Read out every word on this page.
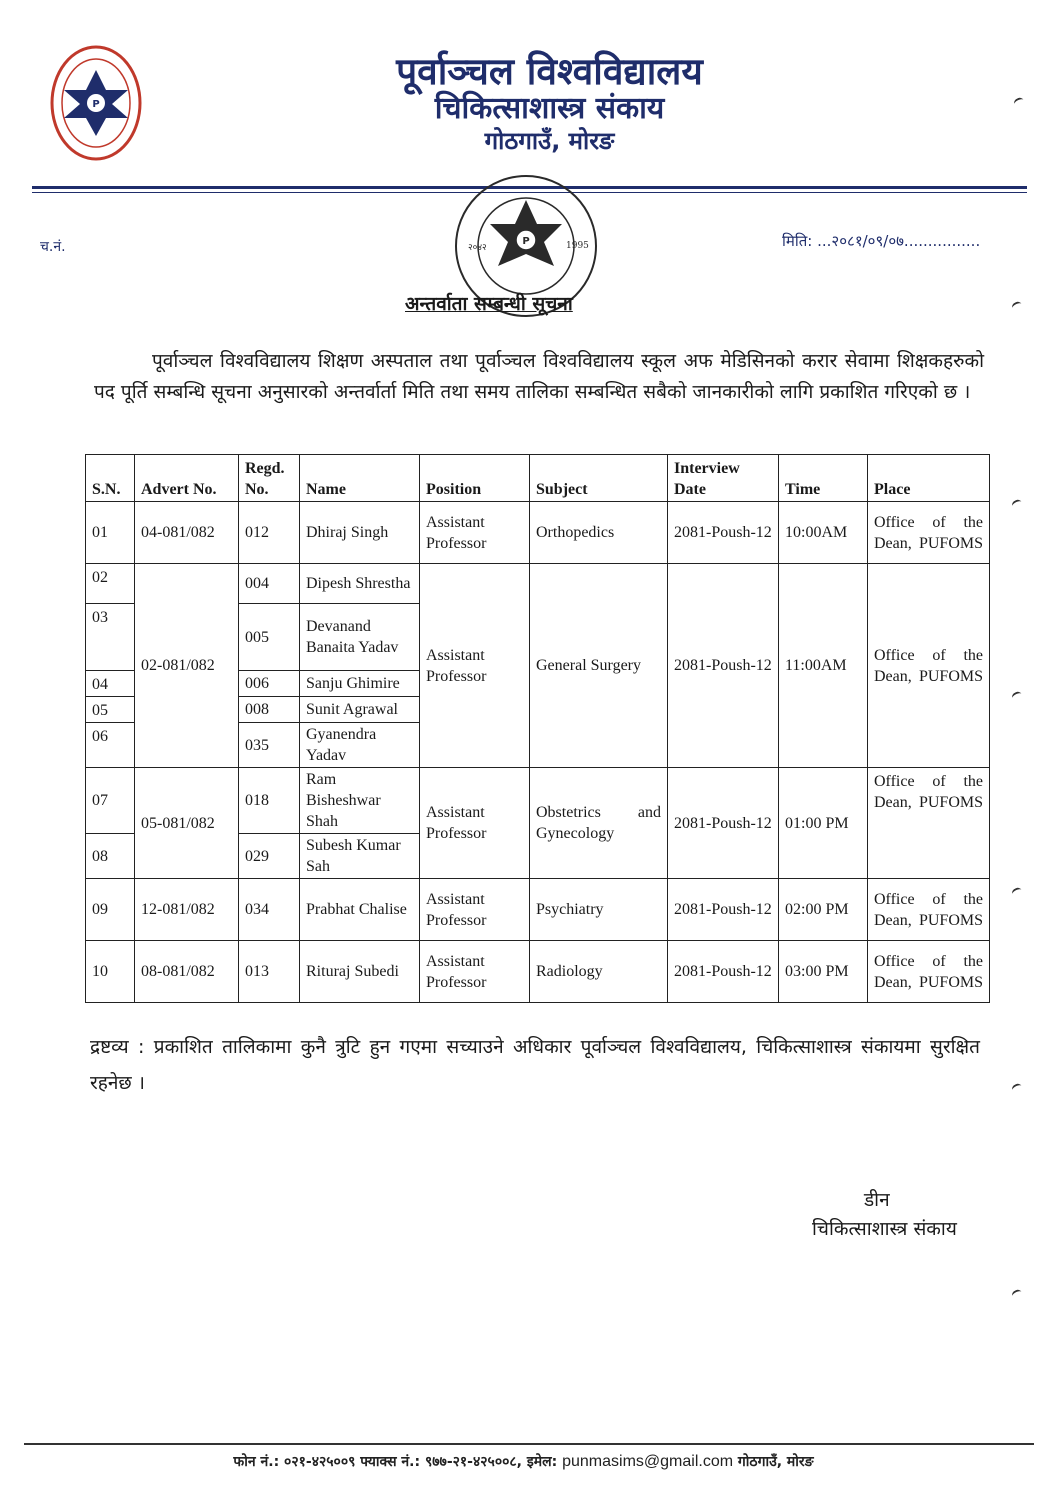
P
पूर्वाञ्चल विश्वविद्यालय
चिकित्साशास्त्र संकाय
गोठगाउँ, मोरङ
P
२०४२	1995
च.नं.	मिति: ...२०८१/०९/०७................
अन्तर्वाता सम्बन्धी सूचना
पूर्वाञ्चल विश्वविद्यालय शिक्षण अस्पताल तथा पूर्वाञ्चल विश्वविद्यालय स्कूल अफ मेडिसिनको करार सेवामा शिक्षकहरुको पद पूर्ति सम्बन्धि सूचना अनुसारको अन्तर्वार्ता मिति तथा समय तालिका सम्बन्धित सबैको जानकारीको लागि प्रकाशित गरिएको छ ।
S.N.	Advert No.	Regd. No.	Name	Position	Subject	Interview Date	Time	Place
01	04-081/082	012	Dhiraj Singh	Assistant Professor	Orthopedics	2081-Poush-12	10:00AM	Office of the Dean, PUFOMS
02	02-081/082	004	Dipesh Shrestha	Assistant Professor	General Surgery	2081-Poush-12	11:00AM	Office of the Dean, PUFOMS
03		005	Devanand Banaita Yadav					
04		006	Sanju Ghimire					
05		008	Sunit Agrawal					
06		035	Gyanendra Yadav					
07	05-081/082	018	Ram Bisheshwar Shah	Assistant Professor	Obstetrics and Gynecology	2081-Poush-12	01:00 PM	Office of the Dean, PUFOMS
08		029	Subesh Kumar Sah					
09	12-081/082	034	Prabhat Chalise	Assistant Professor	Psychiatry	2081-Poush-12	02:00 PM	Office of the Dean, PUFOMS
10	08-081/082	013	Rituraj Subedi	Assistant Professor	Radiology	2081-Poush-12	03:00 PM	Office of the Dean, PUFOMS
द्रष्टव्य : प्रकाशित तालिकामा कुनै त्रुटि हुन गएमा सच्याउने अधिकार पूर्वाञ्चल विश्वविद्यालय, चिकित्साशास्त्र संकायमा सुरक्षित रहनेछ ।
डीन
चिकित्साशास्त्र संकाय
फोन नं.: ०२१-४२५००९ फ्याक्स नं.: ९७७-२१-४२५००८, इमेल: punmasims@gmail.com गोठगाउँ, मोरङ
